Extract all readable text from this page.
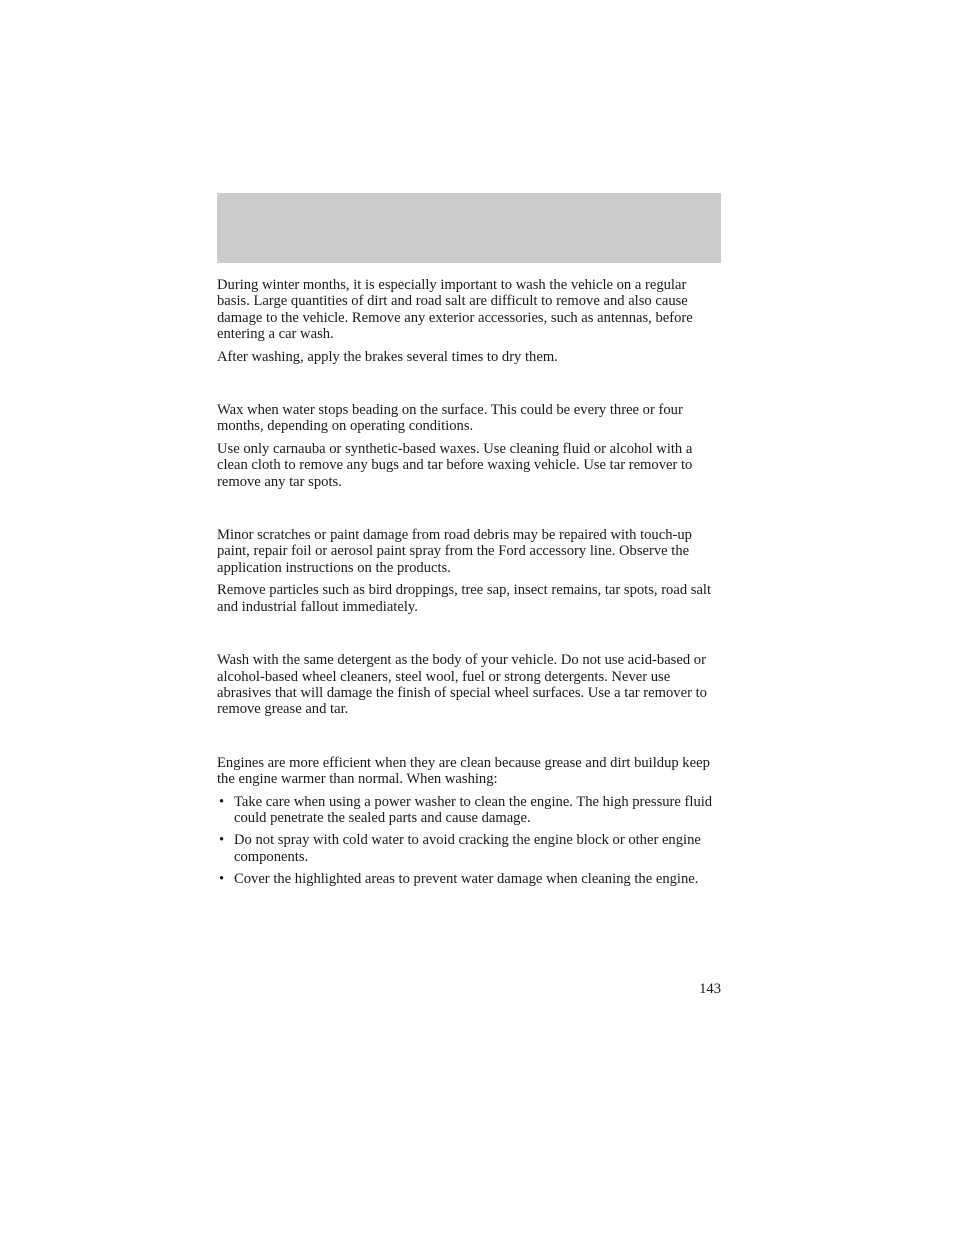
During winter months, it is especially important to wash the vehicle on a regular basis. Large quantities of dirt and road salt are difficult to remove and also cause damage to the vehicle. Remove any exterior accessories, such as antennas, before entering a car wash.

After washing, apply the brakes several times to dry them.

Wax when water stops beading on the surface. This could be every three or four months, depending on operating conditions.

Use only carnauba or synthetic-based waxes. Use cleaning fluid or alcohol with a clean cloth to remove any bugs and tar before waxing vehicle. Use tar remover to remove any tar spots.

Minor scratches or paint damage from road debris may be repaired with touch-up paint, repair foil or aerosol paint spray from the Ford accessory line. Observe the application instructions on the products.

Remove particles such as bird droppings, tree sap, insect remains, tar spots, road salt and industrial fallout immediately.

Wash with the same detergent as the body of your vehicle. Do not use acid-based or alcohol-based wheel cleaners, steel wool, fuel or strong detergents. Never use abrasives that will damage the finish of special wheel surfaces. Use a tar remover to remove grease and tar.

Engines are more efficient when they are clean because grease and dirt buildup keep the engine warmer than normal. When washing:

• Take care when using a power washer to clean the engine. The high pressure fluid could penetrate the sealed parts and cause damage.
• Do not spray with cold water to avoid cracking the engine block or other engine components.
• Cover the highlighted areas to prevent water damage when cleaning the engine.
143
